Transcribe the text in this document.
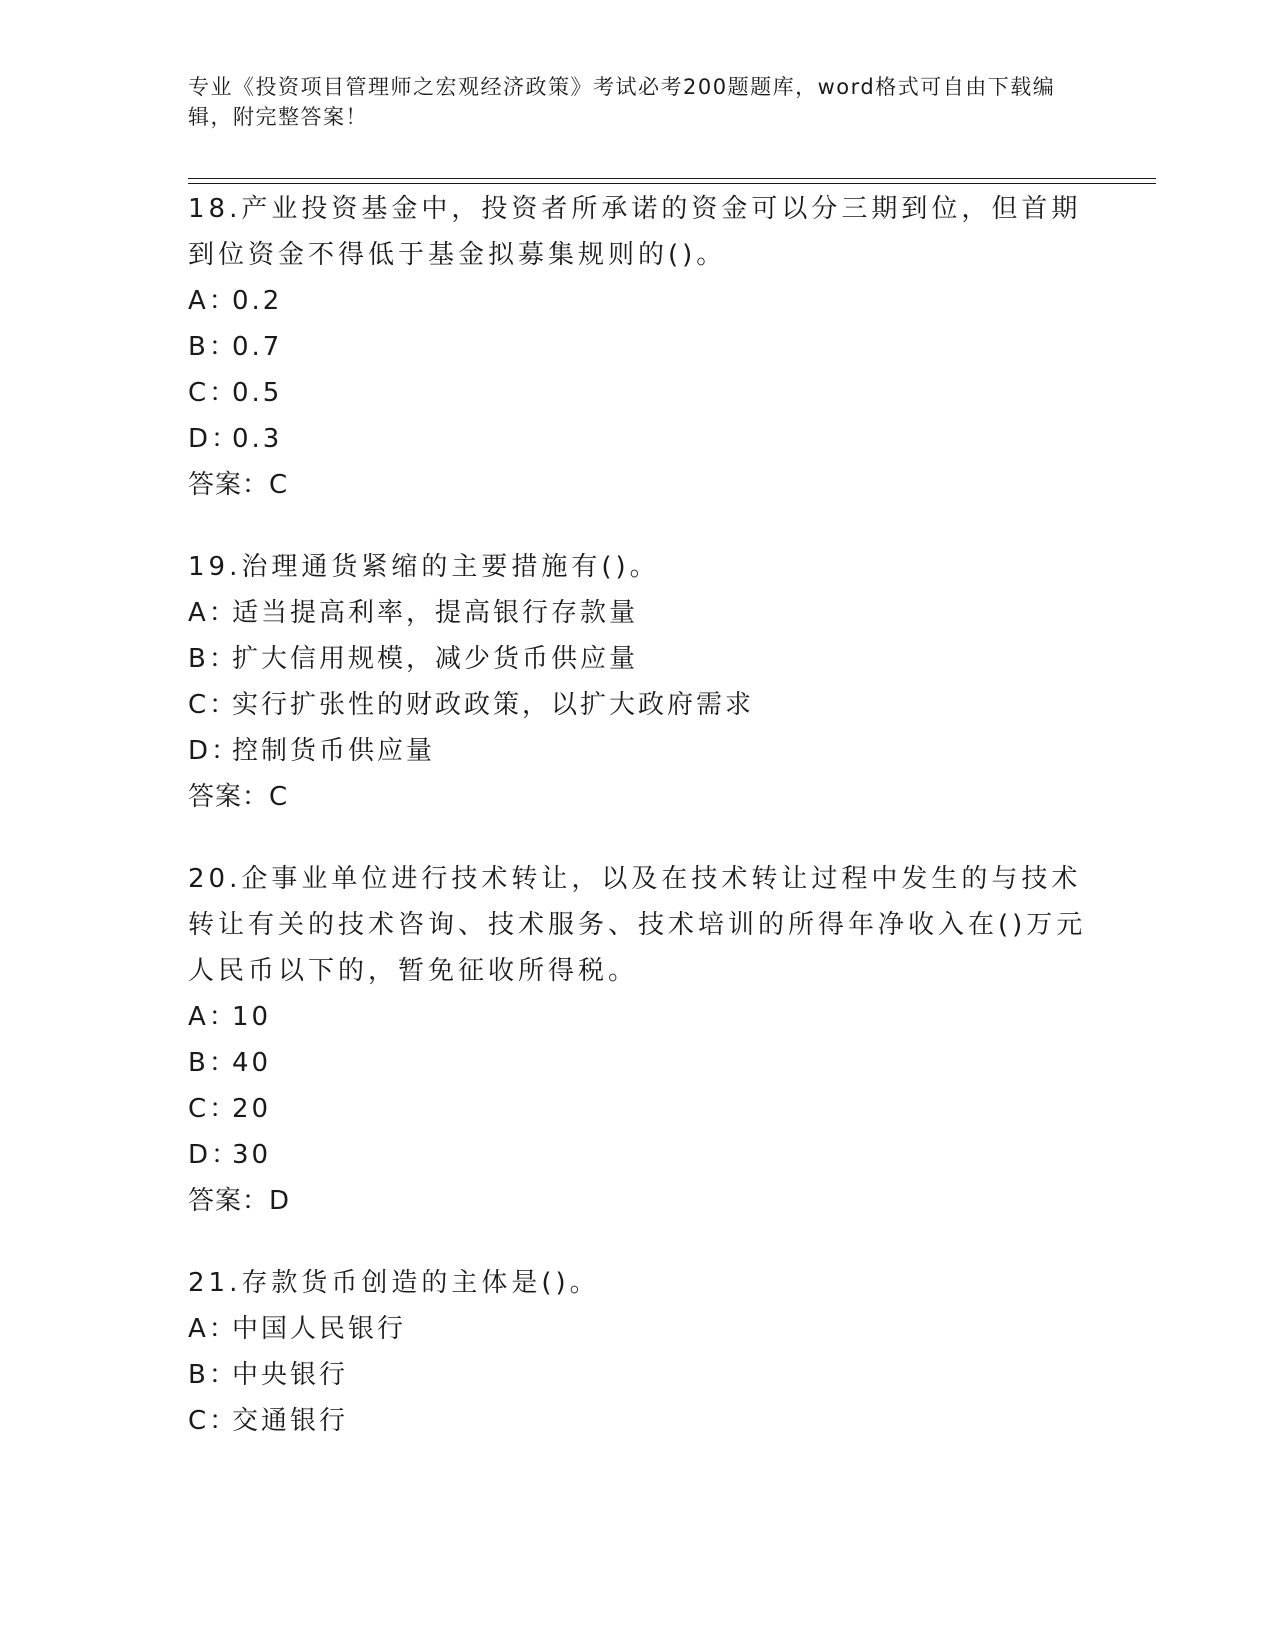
专业《投资项目管理师之宏观经济政策》考试必考200题题库，word格式可自由下载编辑，附完整答案！

18.产业投资基金中，投资者所承诺的资金可以分三期到位，但首期到位资金不得低于基金拟募集规则的()。

A：0.2

B：0.7

C：0.5

D：0.3

答案：C

19.治理通货紧缩的主要措施有()。

A：适当提高利率，提高银行存款量

B：扩大信用规模，减少货币供应量

C：实行扩张性的财政政策，以扩大政府需求

D：控制货币供应量

答案：C

20.企事业单位进行技术转让，以及在技术转让过程中发生的与技术转让有关的技术咨询、技术服务、技术培训的所得年净收入在()万元人民币以下的，暂免征收所得税。

A：10

B：40

C：20

D：30

答案：D

21.存款货币创造的主体是()。

A：中国人民银行

B：中央银行

C：交通银行
